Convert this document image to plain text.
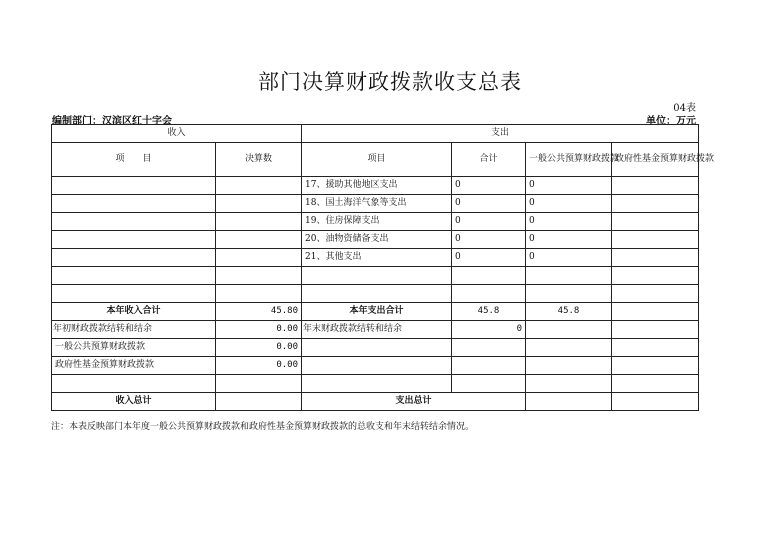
部门决算财政拨款收支总表
04表
编制部门：汉滨区红十字会	单位：万元
收入		支出			
项　　目	决算数	项目	合计	一般公共预算财政拨款	政府性基金预算财政拨款
		17、援助其他地区支出	0	0	
		18、国土海洋气象等支出	0	0	
		19、住房保障支出	0	0	
		20、油物资储备支出	0	0	
		21、其他支出	0	0	

本年收入合计	45.80	本年支出合计	45.8	45.8	
年初财政拨款结转和结余	0.00	年末财政拨款结转和结余	0		
一般公共预算财政拨款	0.00				
政府性基金预算财政拨款	0.00				

收入总计		支出总计			
注：本表反映部门本年度一般公共预算财政拨款和政府性基金预算财政拨款的总收支和年末结转结余情况。
